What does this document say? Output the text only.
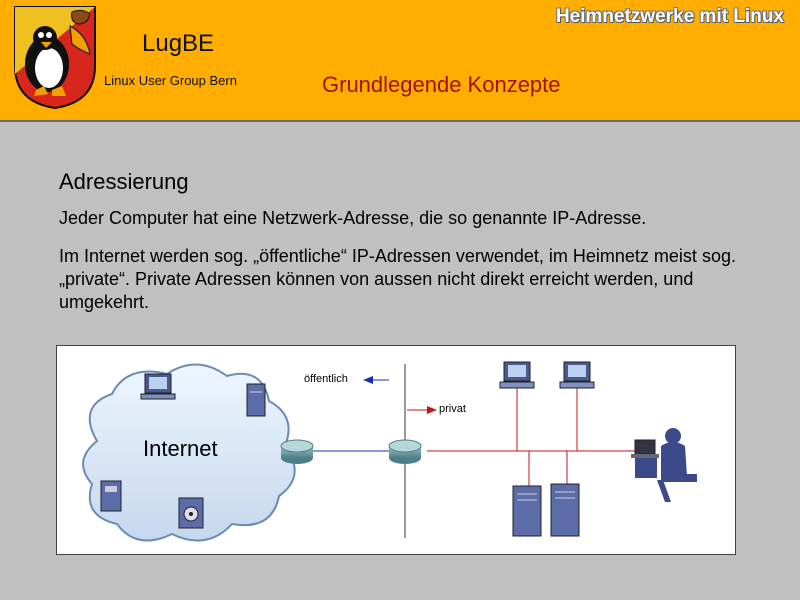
LugBE
Linux User Group Bern
Heimnetzwerke mit Linux
Grundlegende Konzepte
Adressierung

Jeder Computer hat eine Netzwerk-Adresse, die so genannte IP-Adresse.

Im Internet werden sog. „öffentliche“ IP-Adressen verwendet, im Heimnetz meist sog. „private“. Private Adressen können von aussen nicht direkt erreicht werden, und umgekehrt.

Internet
öffentlich
privat
